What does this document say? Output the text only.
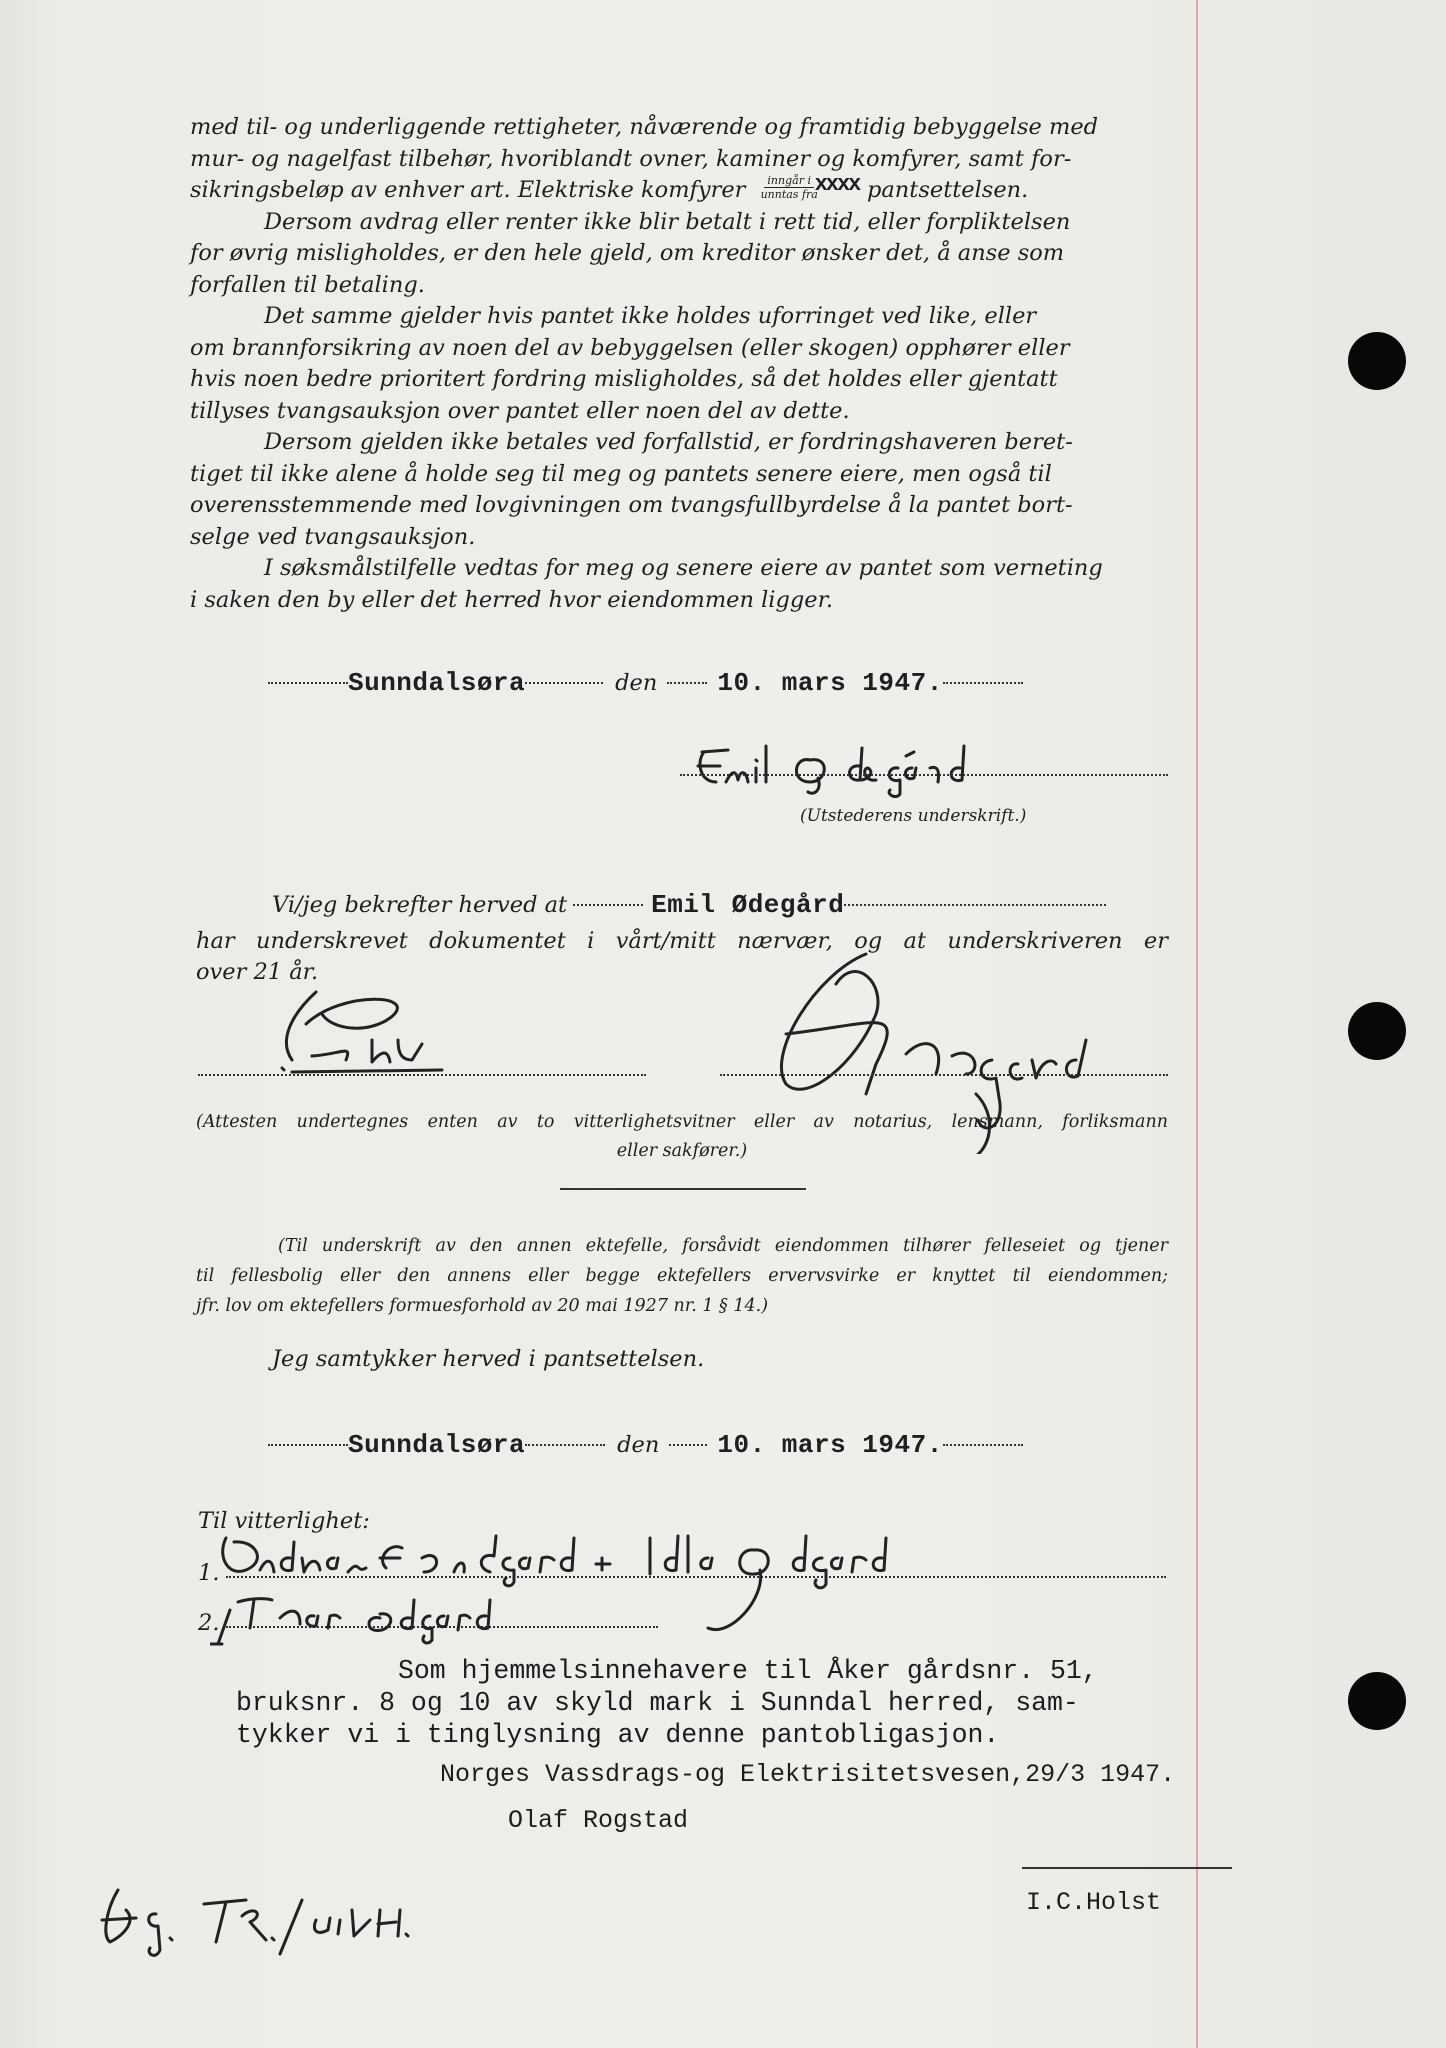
med til- og underliggende rettigheter, nåværende og framtidig bebyggelse med
mur- og nagelfast tilbehør, hvoriblandt ovner, kaminer og komfyrer, samt for-
sikringsbeløp av enhver art. Elektriske komfyrer inngår i
unntas fra
xxxx pantsettelsen.
Dersom avdrag eller renter ikke blir betalt i rett tid, eller forpliktelsen
for øvrig misligholdes, er den hele gjeld, om kreditor ønsker det, å anse som
forfallen til betaling.
Det samme gjelder hvis pantet ikke holdes uforringet ved like, eller
om brannforsikring av noen del av bebyggelsen (eller skogen) opphører eller
hvis noen bedre prioritert fordring misligholdes, så det holdes eller gjentatt
tillyses tvangsauksjon over pantet eller noen del av dette.
Dersom gjelden ikke betales ved forfallstid, er fordringshaveren beret-
tiget til ikke alene å holde seg til meg og pantets senere eiere, men også til
overensstemmende med lovgivningen om tvangsfullbyrdelse å la pantet bort-
selge ved tvangsauksjon.
I søksmålstilfelle vedtas for meg og senere eiere av pantet som verneting
i saken den by eller det herred hvor eiendommen ligger.
Sunndalsøra	den 10. mars 1947.
(Utstederens underskrift.)
Vi/jeg bekrefter herved at	Emil Ødegård
har underskrevet dokumentet i vårt/mitt nærvær, og at underskriveren er
over 21 år.
(Attesten undertegnes enten av to vitterlighetsvitner eller av notarius, lensmann, forliksmann
eller sakfører.)
(Til underskrift av den annen ektefelle, forsåvidt eiendommen tilhører felleseiet og tjener
til fellesbolig eller den annens eller begge ektefellers ervervsvirke er knyttet til eiendommen;
jfr. lov om ektefellers formuesforhold av 20 mai 1927 nr. 1 § 14.)
Jeg samtykker herved i pantsettelsen.
Sunndalsøra	den 10. mars 1947.
Til vitterlighet:
1.
2.
Som hjemmelsinnehavere til Åker gårdsnr. 51,
bruksnr. 8 og 10 av skyld mark i Sunndal herred, sam-
tykker vi i tinglysning av denne pantobligasjon.
Norges Vassdrags-og Elektrisitetsvesen,29/3 1947.
Olaf Rogstad
I.C.Holst
